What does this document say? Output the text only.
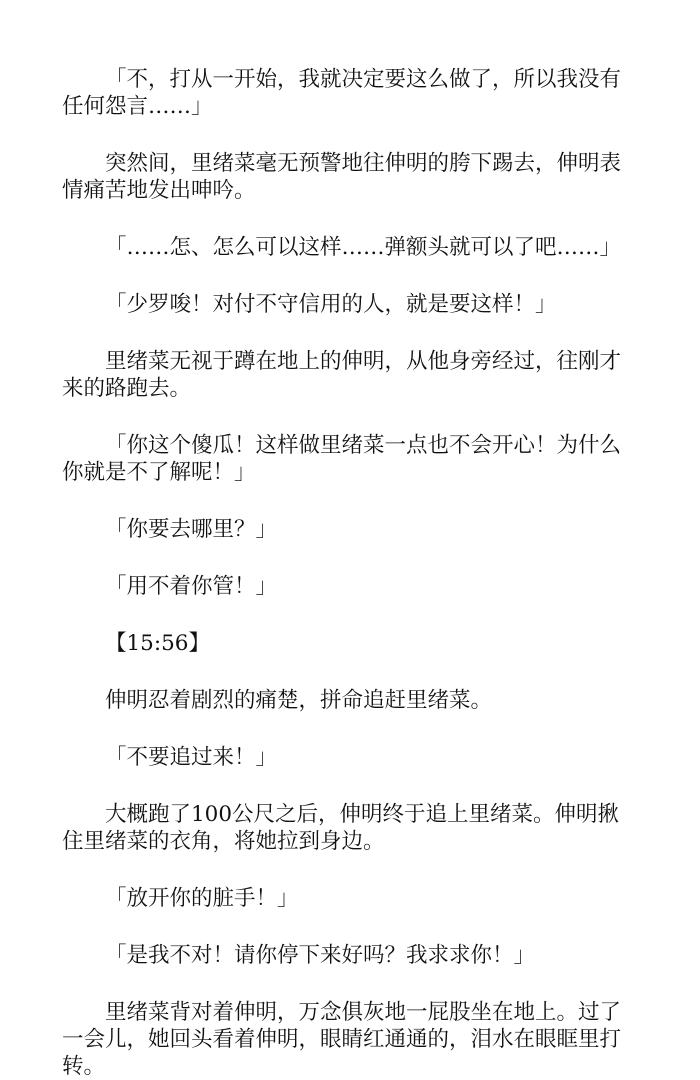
「不，打从一开始，我就决定要这么做了，所以我没有任何怨言……」

突然间，里绪菜毫无预警地往伸明的胯下踢去，伸明表情痛苦地发出呻吟。

「……怎、怎么可以这样……弹额头就可以了吧……」

「少罗唆！对付不守信用的人，就是要这样！」

里绪菜无视于蹲在地上的伸明，从他身旁经过，往刚才来的路跑去。

「你这个傻瓜！这样做里绪菜一点也不会开心！为什么你就是不了解呢！」

「你要去哪里？」

「用不着你管！」

【15:56】

伸明忍着剧烈的痛楚，拼命追赶里绪菜。

「不要追过来！」

大概跑了100公尺之后，伸明终于追上里绪菜。伸明揪住里绪菜的衣角，将她拉到身边。

「放开你的脏手！」

「是我不对！请你停下来好吗？我求求你！」

里绪菜背对着伸明，万念俱灰地一屁股坐在地上。过了一会儿，她回头看着伸明，眼睛红通通的，泪水在眼眶里打转。
